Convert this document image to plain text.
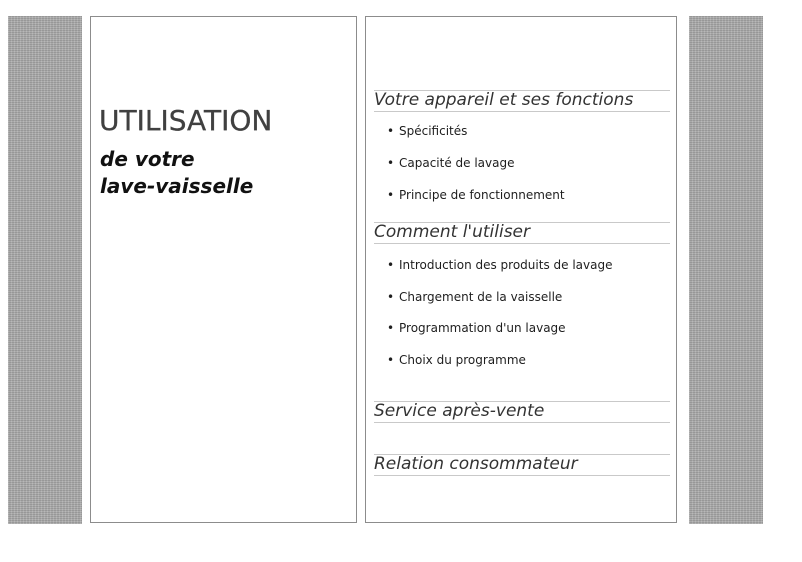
UTILISATION
de votre
lave-vaisselle
Votre appareil et ses fonctions
• Spécificités
• Capacité de lavage
• Principe de fonctionnement
Comment l'utiliser
• Introduction des produits de lavage
• Chargement de la vaisselle
• Programmation d'un lavage
• Choix du programme
Service après-vente
Relation consommateur
